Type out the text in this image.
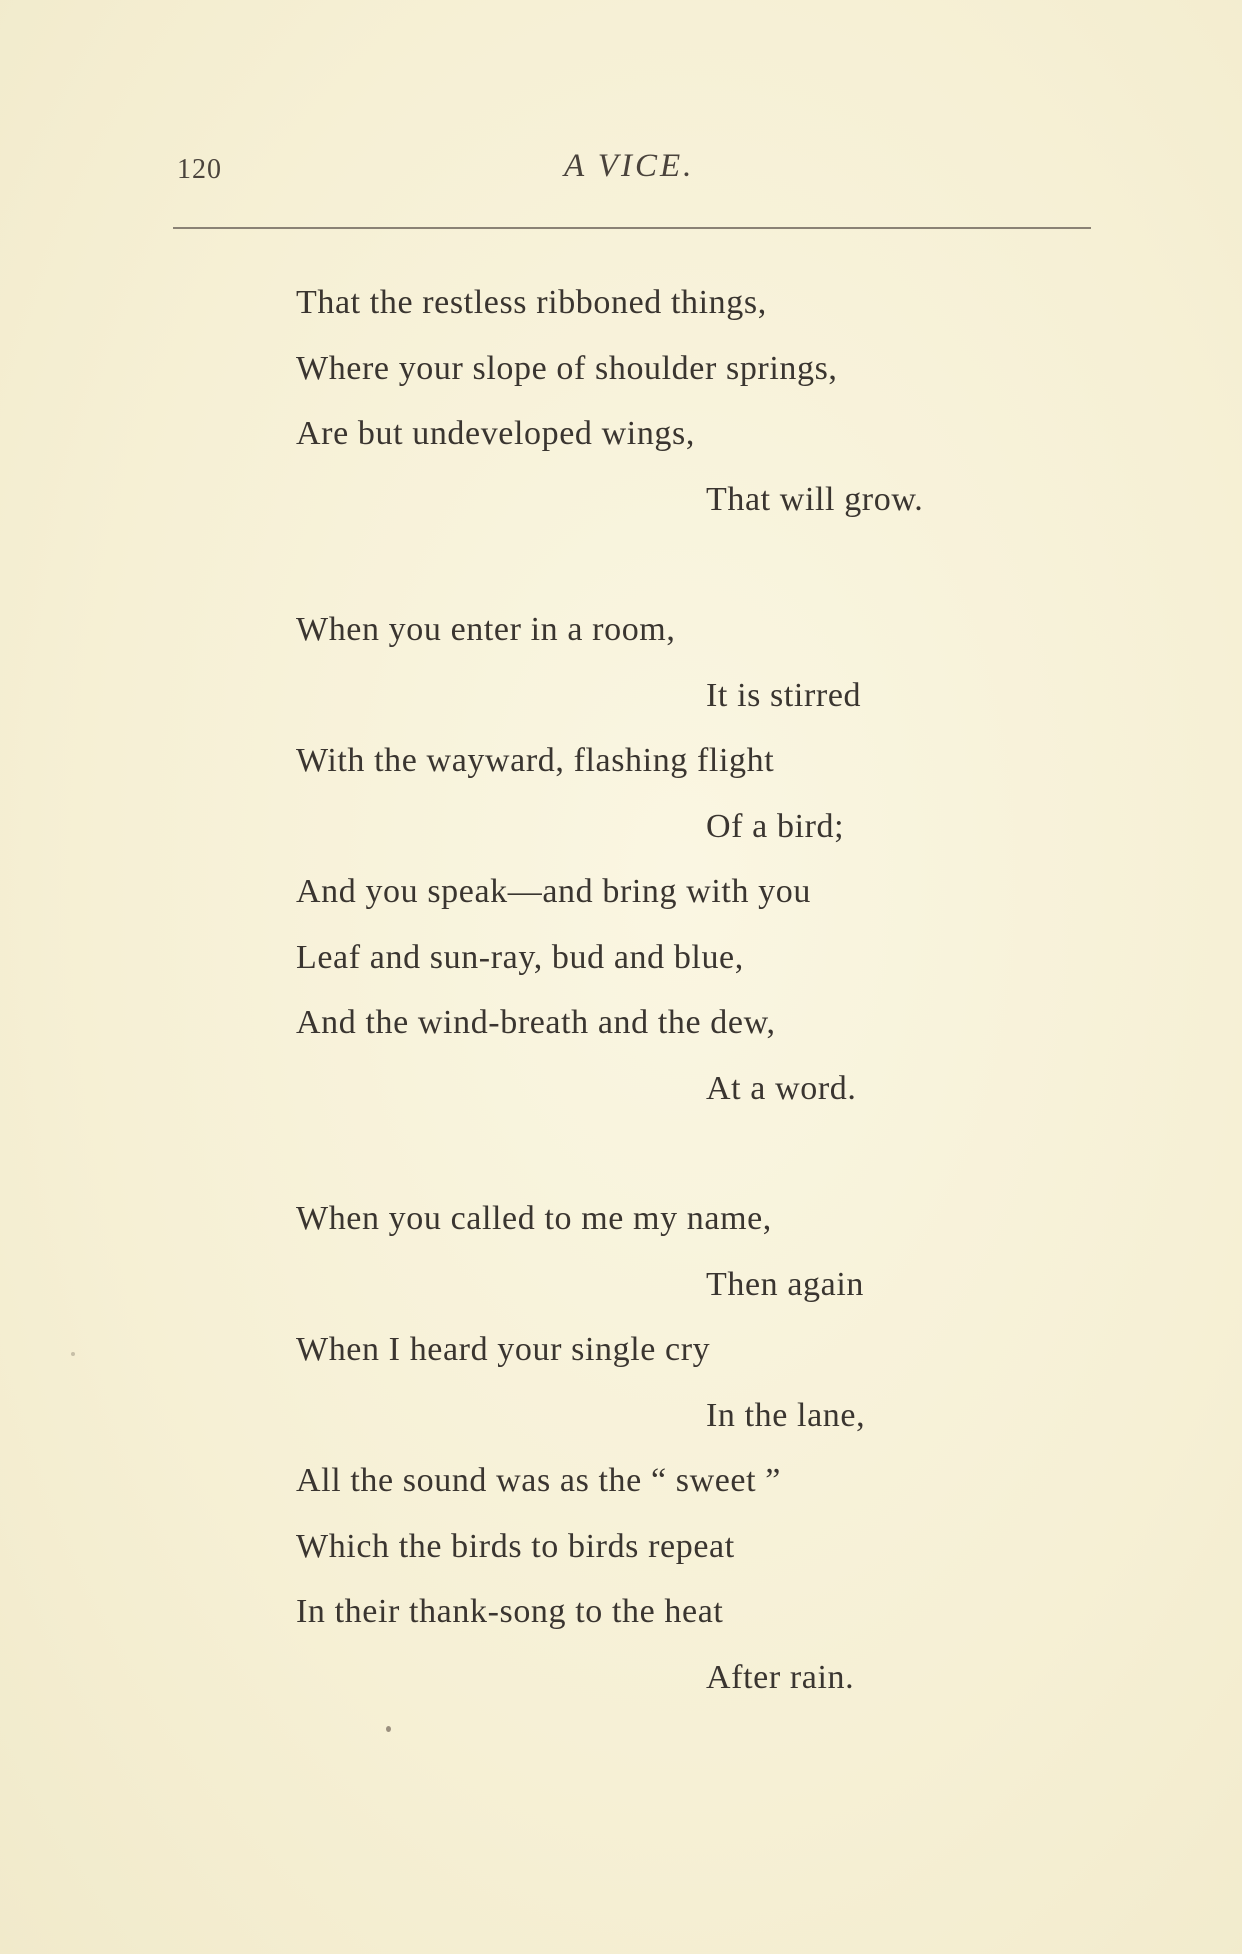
120	A VICE.
That the restless ribboned things,
Where your slope of shoulder springs,
Are but undeveloped wings,
That will grow.
When you enter in a room,
It is stirred
With the wayward, flashing flight
Of a bird;
And you speak—and bring with you
Leaf and sun-ray, bud and blue,
And the wind-breath and the dew,
At a word.
When you called to me my name,
Then again
When I heard your single cry
In the lane,
All the sound was as the “ sweet ”
Which the birds to birds repeat
In their thank-song to the heat
After rain.
